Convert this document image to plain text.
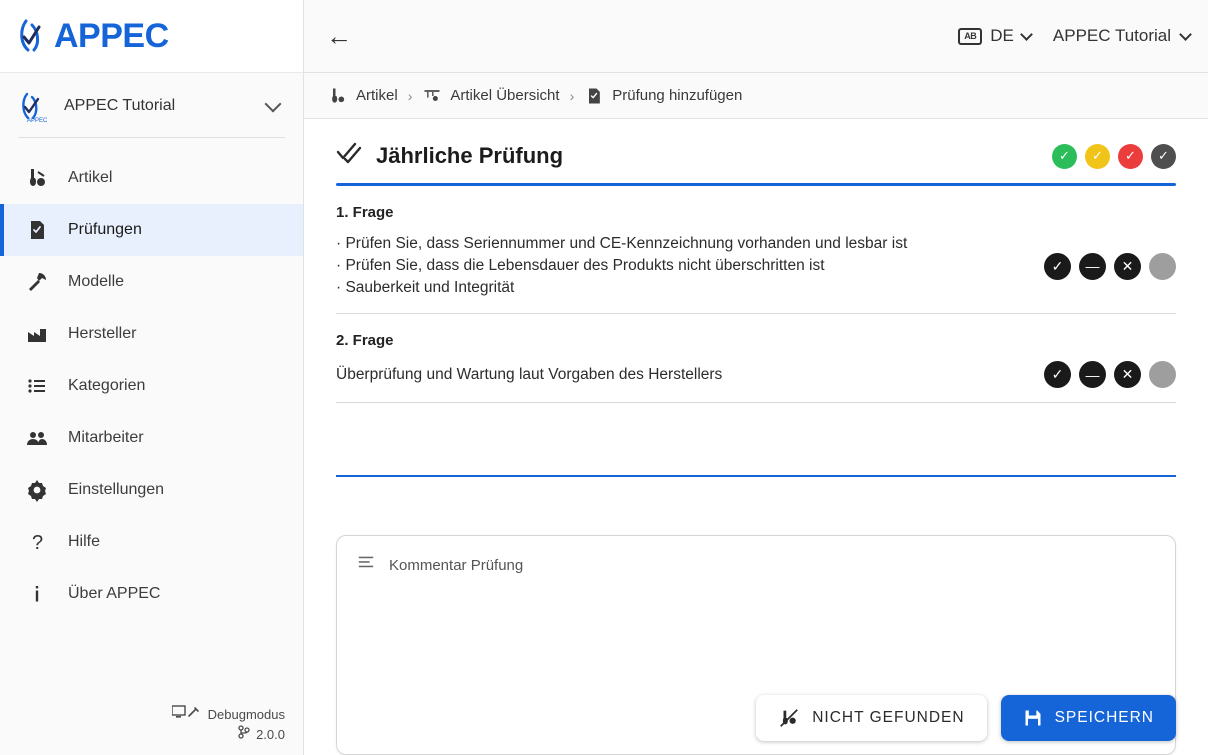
APPEC
APPEC
APPEC Tutorial
Artikel
Prüfungen
Modelle
Hersteller
Kategorien
Mitarbeiter
Einstellungen
? Hilfe
Über APPEC
Debugmodus
2.0.0
←	AB DE APPEC Tutorial
Artikel ›	Artikel Übersicht ›	Prüfung hinzufügen
Jährliche Prüfung	✓	✓	✓	✓
1. Frage
· Prüfen Sie, dass Seriennummer und CE-Kennzeichnung vorhanden und lesbar ist
· Prüfen Sie, dass die Lebensdauer des Produkts nicht überschritten ist
· Sauberkeit und Integrität
✓	—	✕
2. Frage
Überprüfung und Wartung laut Vorgaben des Herstellers	✓	—	✕
Kommentar Prüfung
NICHT GEFUNDEN	SPEICHERN
